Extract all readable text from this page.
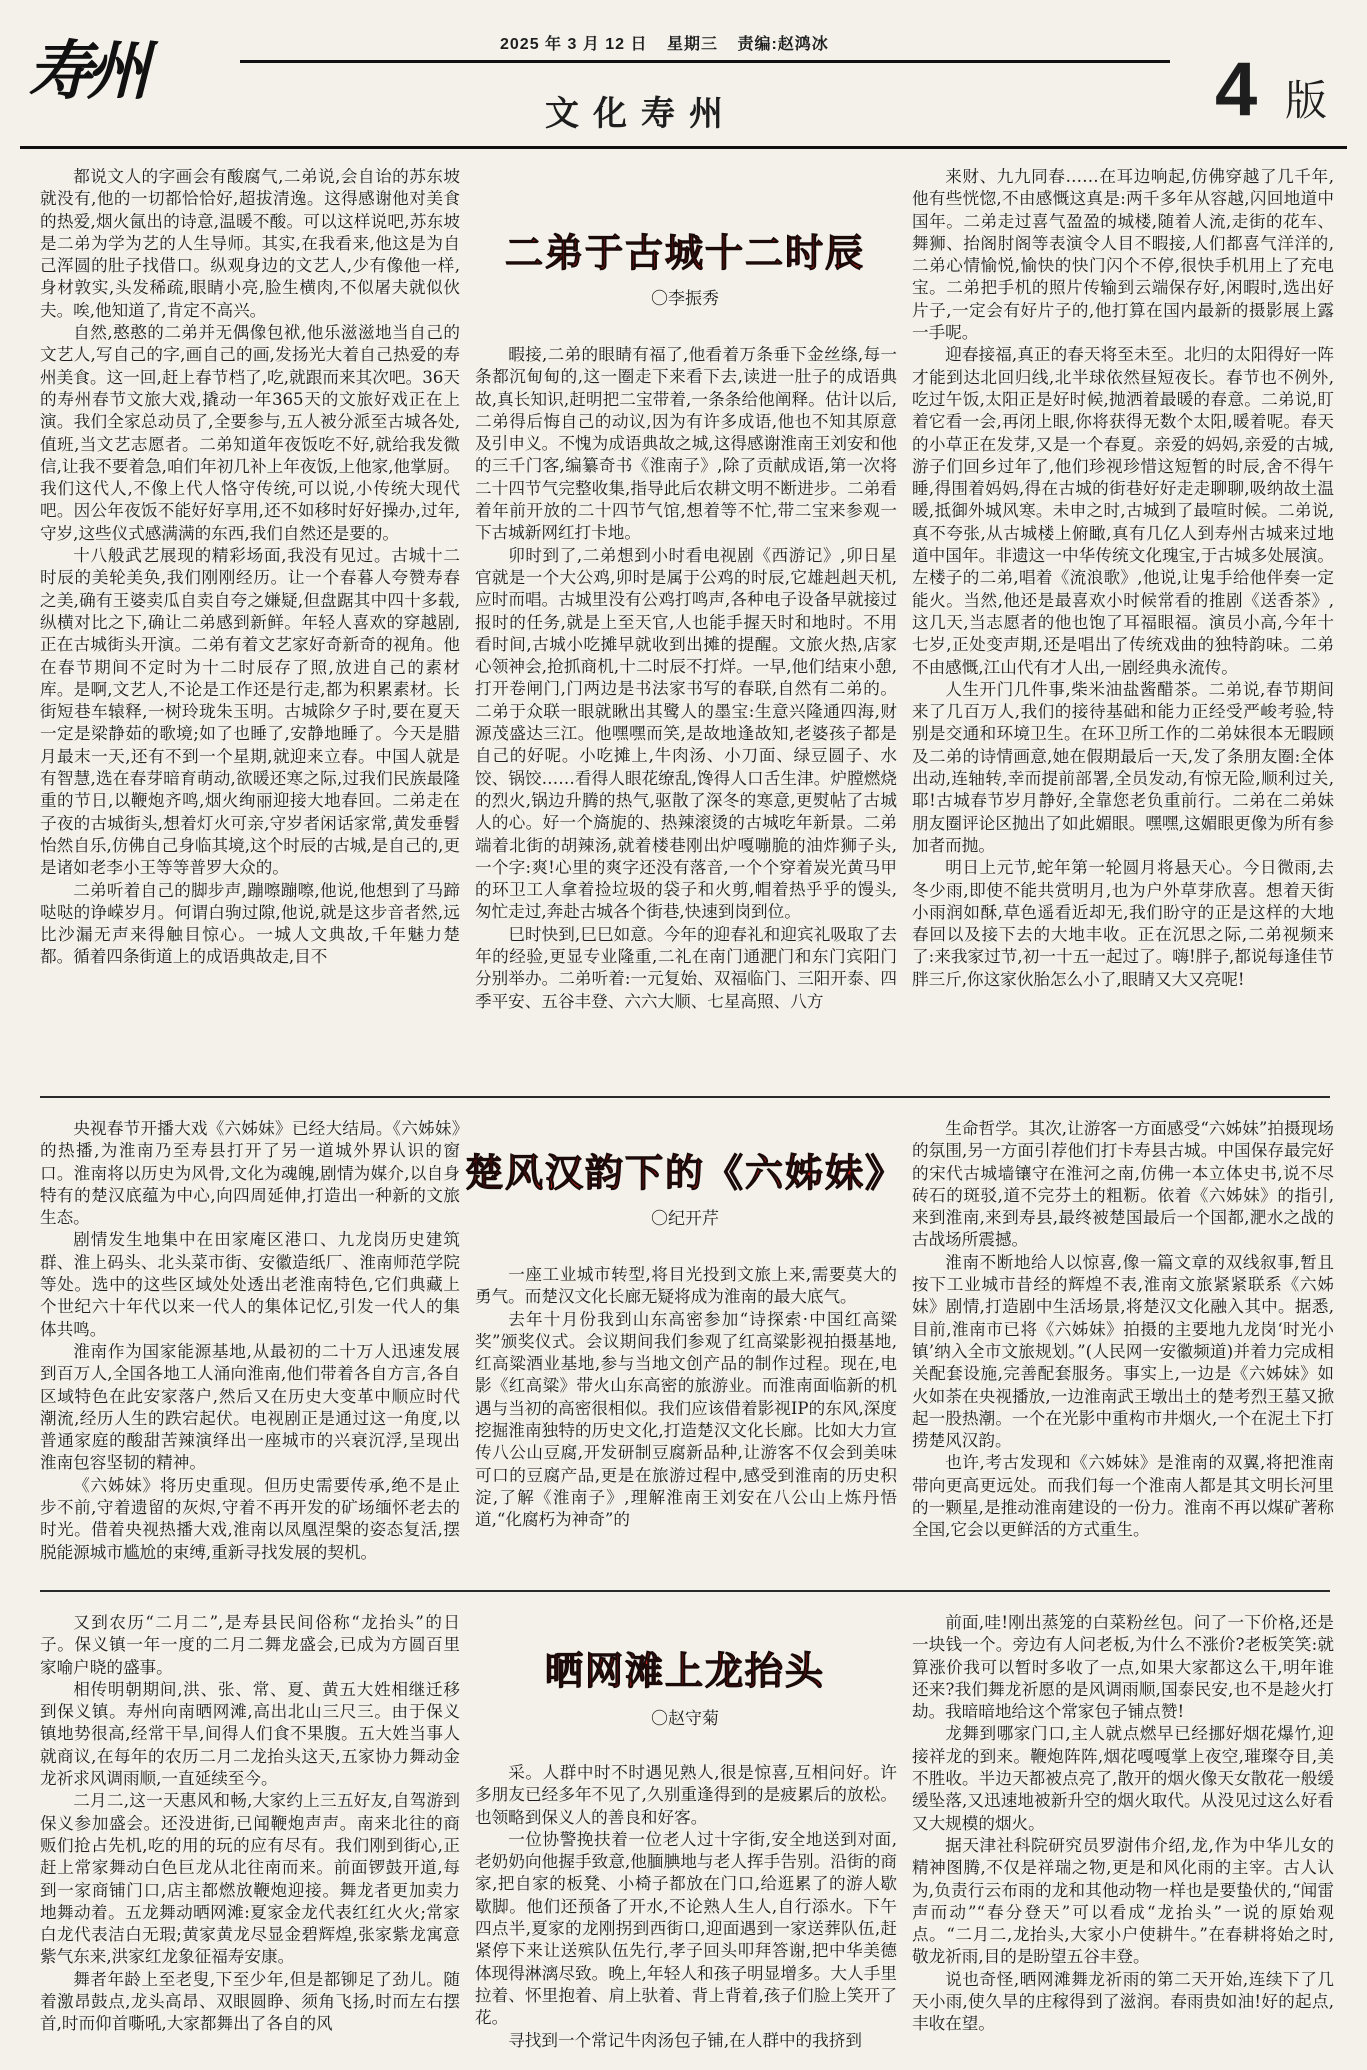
寿州	2025 年 3 月 12 日 星期三 责编:赵鸿冰
文化寿州	4 版
二弟于古城十二时辰
〇李振秀

都说文人的字画会有酸腐气,二弟说,会自诒的苏东坡就没有,他的一切都恰恰好,超拔清逸。这得感谢他对美食的热爱,烟火氤出的诗意,温暖不酸。可以这样说吧,苏东坡是二弟为学为艺的人生导师。其实,在我看来,他这是为自己浑圆的肚子找借口。纵观身边的文艺人,少有像他一样,身材敦实,头发稀疏,眼睛小亮,脸生横肉,不似屠夫就似伙夫。唉,他知道了,肯定不高兴。

自然,憨憨的二弟并无偶像包袱,他乐滋滋地当自己的文艺人,写自己的字,画自己的画,发扬光大着自己热爱的寿州美食。这一回,赶上春节档了,吃,就跟而来其次吧。36天的寿州春节文旅大戏,撬动一年365天的文旅好戏正在上演。我们全家总动员了,全要参与,五人被分派至古城各处,值班,当文艺志愿者。二弟知道年夜饭吃不好,就给我发微信,让我不要着急,咱们年初几补上年夜饭,上他家,他掌厨。我们这代人,不像上代人恪守传统,可以说,小传统大现代吧。因公年夜饭不能好好享用,还不如移时好好操办,过年,守岁,这些仪式感满满的东西,我们自然还是要的。

十八般武艺展现的精彩场面,我没有见过。古城十二时辰的美轮美奂,我们刚刚经历。让一个春暮人夸赞寿春之美,确有王婆卖瓜自卖自夸之嫌疑,但盘踞其中四十多载,纵横对比之下,确让二弟感到新鲜。年轻人喜欢的穿越剧,正在古城街头开演。二弟有着文艺家好奇新奇的视角。他在春节期间不定时为十二时辰存了照,放进自己的素材库。是啊,文艺人,不论是工作还是行走,都为积累素材。长街短巷车辕释,一树玲珑朱玉明。古城除夕子时,要在夏天一定是梁静茹的歌境;如了也睡了,安静地睡了。今天是腊月最末一天,还有不到一个星期,就迎来立春。中国人就是有智慧,选在春芽暗育萌动,欲暖还寒之际,过我们民族最隆重的节日,以鞭炮齐鸣,烟火绚丽迎接大地春回。二弟走在子夜的古城街头,想着灯火可亲,守岁者闲话家常,黄发垂髫怡然自乐,仿佛自己身临其境,这个时辰的古城,是自己的,更是诸如老李小王等等普罗大众的。

二弟听着自己的脚步声,蹦嚓蹦嚓,他说,他想到了马蹄哒哒的诤嵘岁月。何谓白驹过隙,他说,就是这步音者然,远比沙漏无声来得触目惊心。一城人文典故,千年魅力楚都。循着四条街道上的成语典故走,目不

暇接,二弟的眼睛有福了,他看着万条垂下金丝绦,每一条都沉甸甸的,这一圈走下来看下去,读进一肚子的成语典故,真长知识,赶明把二宝带着,一条条给他阐释。估计以后,二弟得后悔自己的动议,因为有许多成语,他也不知其原意及引申义。不愧为成语典故之城,这得感谢淮南王刘安和他的三千门客,编纂奇书《淮南子》,除了贡献成语,第一次将二十四节气完整收集,指导此后农耕文明不断进步。二弟看着年前开放的二十四节气馆,想着等不忙,带二宝来参观一下古城新网红打卡地。

卯时到了,二弟想到小时看电视剧《西游记》,卯日星官就是一个大公鸡,卯时是属于公鸡的时辰,它雄赳赳天机,应时而唱。古城里没有公鸡打鸣声,各种电子设备早就接过报时的任务,就是上至天官,人也能手握天时和地时。不用看时间,古城小吃摊早就收到出摊的提醒。文旅火热,店家心领神会,抢抓商机,十二时辰不打烊。一早,他们结束小憩,打开卷闸门,门两边是书法家书写的春联,自然有二弟的。二弟于众联一眼就瞅出其鹭人的墨宝:生意兴隆通四海,财源茂盛达三江。他嘿嘿而笑,是故地逢故知,老婆孩子都是自己的好呢。小吃摊上,牛肉汤、小刀面、绿豆圆子、水饺、锅饺……看得人眼花缭乱,馋得人口舌生津。炉膛燃烧的烈火,锅边升腾的热气,驱散了深冬的寒意,更熨帖了古城人的心。好一个旖旎的、热辣滚烫的古城吃年新景。二弟端着北街的胡辣汤,就着楼巷刚出炉嘎嘣脆的油炸狮子头,一个字:爽!心里的爽字还没有落音,一个个穿着炭光黄马甲的环卫工人拿着捡垃圾的袋子和火剪,帽着热乎乎的馒头,匆忙走过,奔赴古城各个街巷,快速到岗到位。

巳时快到,巳巳如意。今年的迎春礼和迎宾礼吸取了去年的经验,更显专业隆重,二礼在南门通淝门和东门宾阳门分别举办。二弟听着:一元复始、双福临门、三阳开泰、四季平安、五谷丰登、六六大顺、七星高照、八方

来财、九九同春……在耳边响起,仿佛穿越了几千年,他有些恍惚,不由感慨这真是:两千多年从容越,闪回地道中国年。二弟走过喜气盈盈的城楼,随着人流,走街的花车、舞狮、抬阁肘阁等表演令人目不暇接,人们都喜气洋洋的,二弟心情愉悦,愉快的快门闪个不停,很快手机用上了充电宝。二弟把手机的照片传输到云端保存好,闲暇时,选出好片子,一定会有好片子的,他打算在国内最新的摄影展上露一手呢。

迎春接福,真正的春天将至未至。北归的太阳得好一阵才能到达北回归线,北半球依然昼短夜长。春节也不例外,吃过午饭,太阳正是好时候,抛洒着最暖的春意。二弟说,盯着它看一会,再闭上眼,你将获得无数个太阳,暖着呢。春天的小草正在发芽,又是一个春夏。亲爱的妈妈,亲爱的古城,游子们回乡过年了,他们珍视珍惜这短暂的时辰,舍不得午睡,得围着妈妈,得在古城的街巷好好走走聊聊,吸纳故土温暖,抵御外城风寒。未申之时,古城到了最喧时候。二弟说,真不夸张,从古城楼上俯瞰,真有几亿人到寿州古城来过地道中国年。非遗这一中华传统文化瑰宝,于古城多处展演。左楼子的二弟,唱着《流浪歌》,他说,让鬼手给他伴奏一定能火。当然,他还是最喜欢小时候常看的推剧《送香茶》,这几天,当志愿者的他也饱了耳福眼福。演员小高,今年十七岁,正处变声期,还是唱出了传统戏曲的独特韵味。二弟不由感慨,江山代有才人出,一剧经典永流传。

人生开门几件事,柴米油盐酱醋茶。二弟说,春节期间来了几百万人,我们的接待基础和能力正经受严峻考验,特别是交通和环境卫生。在环卫所工作的二弟妹很本无暇顾及二弟的诗情画意,她在假期最后一天,发了条朋友圈:全体出动,连轴转,幸而提前部署,全员发动,有惊无险,顺利过关,耶!古城春节岁月静好,全靠您老负重前行。二弟在二弟妹朋友圈评论区抛出了如此媚眼。嘿嘿,这媚眼更像为所有参加者而抛。

明日上元节,蛇年第一轮圆月将悬天心。今日微雨,去冬少雨,即使不能共赏明月,也为户外草芽欣喜。想着天街小雨润如酥,草色遥看近却无,我们盼守的正是这样的大地春回以及接下去的大地丰收。正在沉思之际,二弟视频来了:来我家过节,初一十五一起过了。嗨!胖子,都说每逢佳节胖三斤,你这家伙胎怎么小了,眼睛又大又亮呢!

楚风汉韵下的《六姊妹》
〇纪开芹

央视春节开播大戏《六姊妹》已经大结局。《六姊妹》的热播,为淮南乃至寿县打开了另一道城外界认识的窗口。淮南将以历史为风骨,文化为魂魄,剧情为媒介,以自身特有的楚汉底蕴为中心,向四周延伸,打造出一种新的文旅生态。

剧情发生地集中在田家庵区港口、九龙岗历史建筑群、淮上码头、北头菜市街、安徽造纸厂、淮南师范学院等处。选中的这些区域处处透出老淮南特色,它们典藏上个世纪六十年代以来一代人的集体记忆,引发一代人的集体共鸣。

淮南作为国家能源基地,从最初的二十万人迅速发展到百万人,全国各地工人涌向淮南,他们带着各自方言,各自区域特色在此安家落户,然后又在历史大变革中顺应时代潮流,经历人生的跌宕起伏。电视剧正是通过这一角度,以普通家庭的酸甜苦辣演绎出一座城市的兴衰沉浮,呈现出淮南包容坚韧的精神。

《六姊妹》将历史重现。但历史需要传承,绝不是止步不前,守着遗留的灰烬,守着不再开发的矿场缅怀老去的时光。借着央视热播大戏,淮南以凤凰涅槃的姿态复活,摆脱能源城市尴尬的束缚,重新寻找发展的契机。

一座工业城市转型,将目光投到文旅上来,需要莫大的勇气。而楚汉文化长廊无疑将成为淮南的最大底气。

去年十月份我到山东高密参加“诗探索·中国红高粱奖”颁奖仪式。会议期间我们参观了红高粱影视拍摄基地,红高粱酒业基地,参与当地文创产品的制作过程。现在,电影《红高粱》带火山东高密的旅游业。而淮南面临新的机遇与当初的高密很相似。我们应该借着影视IP的东风,深度挖掘淮南独特的历史文化,打造楚汉文化长廊。比如大力宣传八公山豆腐,开发研制豆腐新品种,让游客不仅会到美味可口的豆腐产品,更是在旅游过程中,感受到淮南的历史积淀,了解《淮南子》,理解淮南王刘安在八公山上炼丹悟道,“化腐朽为神奇”的

生命哲学。其次,让游客一方面感受“六姊妹”拍摄现场的氛围,另一方面引荐他们打卡寿县古城。中国保存最完好的宋代古城墙镶守在淮河之南,仿佛一本立体史书,说不尽砖石的斑驳,道不完芬土的粗粝。依着《六姊妹》的指引,来到淮南,来到寿县,最终被楚国最后一个国都,淝水之战的古战场所震撼。

淮南不断地给人以惊喜,像一篇文章的双线叙事,暂且按下工业城市昔经的辉煌不表,淮南文旅紧紧联系《六姊妹》剧情,打造剧中生活场景,将楚汉文化融入其中。据悉,目前,淮南市已将《六姊妹》拍摄的主要地九龙岗‘时光小镇’纳入全市文旅规划。”(人民网一安徽频道)并着力完成相关配套设施,完善配套服务。事实上,一边是《六姊妹》如火如荼在央视播放,一边淮南武王墩出土的楚考烈王墓又掀起一股热潮。一个在光影中重构市井烟火,一个在泥土下打捞楚风汉韵。

也许,考古发现和《六姊妹》是淮南的双翼,将把淮南带向更高更远处。而我们每一个淮南人都是其文明长河里的一颗星,是推动淮南建设的一份力。淮南不再以煤矿著称全国,它会以更鲜活的方式重生。

晒网滩上龙抬头
〇赵守菊

又到农历“二月二”,是寿县民间俗称“龙抬头”的日子。保义镇一年一度的二月二舞龙盛会,已成为方圆百里家喻户晓的盛事。

相传明朝期间,洪、张、常、夏、黄五大姓相继迁移到保义镇。寿州向南晒网滩,高出北山三尺三。由于保义镇地势很高,经常干旱,间得人们食不果腹。五大姓当事人就商议,在每年的农历二月二龙抬头这天,五家协力舞动金龙祈求风调雨顺,一直延续至今。

二月二,这一天惠风和畅,大家约上三五好友,自驾游到保义参加盛会。还没进街,已闻鞭炮声声。南来北往的商贩们抢占先机,吃的用的玩的应有尽有。我们刚到街心,正赶上常家舞动白色巨龙从北往南而来。前面锣鼓开道,每到一家商铺门口,店主都燃放鞭炮迎接。舞龙者更加卖力地舞动着。五龙舞动晒网滩:夏家金龙代表红红火火;常家白龙代表洁白无瑕;黄家黄龙尽显金碧辉煌,张家紫龙寓意紫气东来,洪家红龙象征福寿安康。

舞者年龄上至老叟,下至少年,但是都铆足了劲儿。随着激昂鼓点,龙头高昂、双眼圆睁、须角飞扬,时而左右摆首,时而仰首嘶吼,大家都舞出了各自的风

采。人群中时不时遇见熟人,很是惊喜,互相问好。许多朋友已经多年不见了,久别重逢得到的是疲累后的放松。也领略到保义人的善良和好客。

一位协警挽扶着一位老人过十字街,安全地送到对面,老奶奶向他握手致意,他腼腆地与老人挥手告别。沿街的商家,把自家的板凳、小椅子都放在门口,给逛累了的游人歇歇脚。他们还预备了开水,不论熟人生人,自行添水。下午四点半,夏家的龙刚拐到西街口,迎面遇到一家送葬队伍,赶紧停下来让送殡队伍先行,孝子回头叩拜答谢,把中华美德体现得淋漓尽致。晚上,年轻人和孩子明显增多。大人手里拉着、怀里抱着、肩上驮着、背上背着,孩子们脸上笑开了花。

寻找到一个常记牛肉汤包子铺,在人群中的我挤到

前面,哇!刚出蒸笼的白菜粉丝包。问了一下价格,还是一块钱一个。旁边有人问老板,为什么不涨价?老板笑笑:就算涨价我可以暂时多收了一点,如果大家都这么干,明年谁还来?我们舞龙祈愿的是风调雨顺,国泰民安,也不是趁火打劫。我暗暗地给这个常家包子铺点赞!

龙舞到哪家门口,主人就点燃早已经挪好烟花爆竹,迎接祥龙的到来。鞭炮阵阵,烟花嘎嘎掌上夜空,璀璨夺目,美不胜收。半边天都被点亮了,散开的烟火像天女散花一般缓缓坠落,又迅速地被新升空的烟火取代。从没见过这么好看又大规模的烟火。

据天津社科院研究员罗澍伟介绍,龙,作为中华儿女的精神图腾,不仅是祥瑞之物,更是和风化雨的主宰。古人认为,负责行云布雨的龙和其他动物一样也是要蛰伏的,“闻雷声而动”“春分登天”可以看成“龙抬头”一说的原始观点。“二月二,龙抬头,大家小户使耕牛。”在春耕将始之时,敬龙祈雨,目的是盼望五谷丰登。

说也奇怪,晒网滩舞龙祈雨的第二天开始,连续下了几天小雨,使久旱的庄稼得到了滋润。春雨贵如油!好的起点,丰收在望。
